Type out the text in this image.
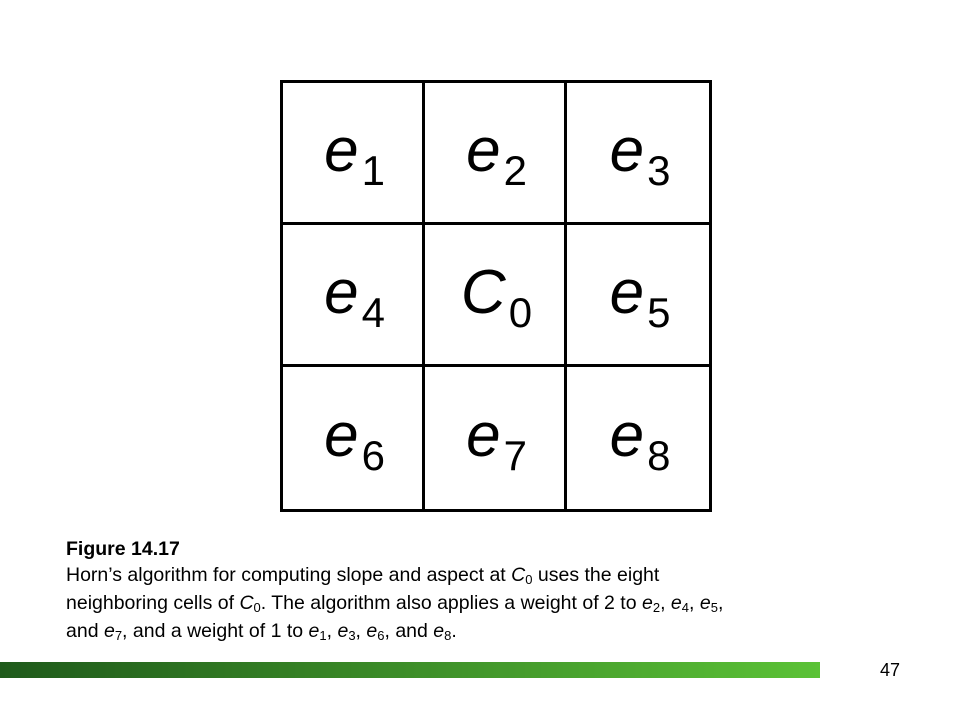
$e_1$ $e_2$ $e_3$
$e_4$ $C_0$ $e_5$
$e_6$ $e_7$ $e_8$
Figure 14.17
Horn’s algorithm for computing slope and aspect at C0 uses the eight
neighboring cells of C0. The algorithm also applies a weight of 2 to e2, e4, e5,
and e7, and a weight of 1 to e1, e3, e6, and e8.
47
